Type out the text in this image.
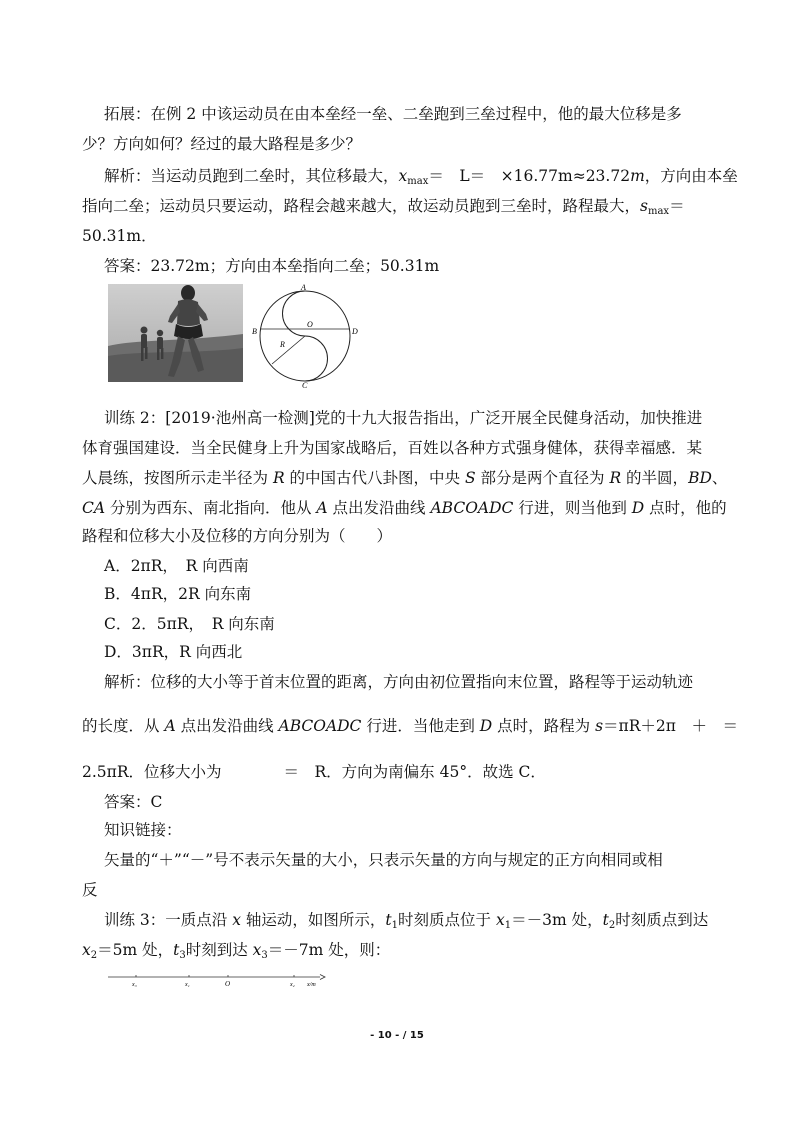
拓展：在例 2 中该运动员在由本垒经一垒、二垒跑到三垒过程中，他的最大位移是多
少？方向如何？经过的最大路程是多少？
解析：当运动员跑到二垒时，其位移最大，$x_{max}=$　L＝　×16.77m≈23.72m，方向由本垒
指向二垒；运动员只要运动，路程会越来越大，故运动员跑到三垒时，路程最大，$s_{max}=$
50.31m．
答案：23.72m；方向由本垒指向二垒；50.31m
A
B
C
D
O
R
训练 2：[2019·池州高一检测]党的十九大报告指出，广泛开展全民健身活动，加快推进
体育强国建设．当全民健身上升为国家战略后，百姓以各种方式强身健体，获得幸福感．某
人晨练，按图所示走半径为 R 的中国古代八卦图，中央 S 部分是两个直径为 R 的半圆，BD、
CA 分别为西东、南北指向．他从 A 点出发沿曲线 ABCOADC 行进，则当他到 D 点时，他的
路程和位移大小及位移的方向分别为（　　）
A．2πR，　R 向西南
B．4πR，2R 向东南
C．2．5πR，　R 向东南
D．3πR，R 向西北
解析：位移的大小等于首末位置的距离，方向由初位置指向末位置，路程等于运动轨迹
的长度．从 A 点出发沿曲线 ABCOADC 行进．当他走到 D 点时，路程为 s＝πR＋2π　＋　＝
2.5πR．位移大小为　　　　＝　R．方向为南偏东 45°．故选 C．
答案：C
知识链接：
矢量的“＋”“－”号不表示矢量的大小，只表示矢量的方向与规定的正方向相同或相
反
训练 3：一质点沿 x 轴运动，如图所示，$t_1$时刻质点位于 $x_1=-3m$ 处，$t_2$时刻质点到达
$x_2=5m$ 处，$t_3$时刻到达 $x_3=-7m$ 处，则：
x₃	x₁	O	x₂ x/m
- 10 - / 15
